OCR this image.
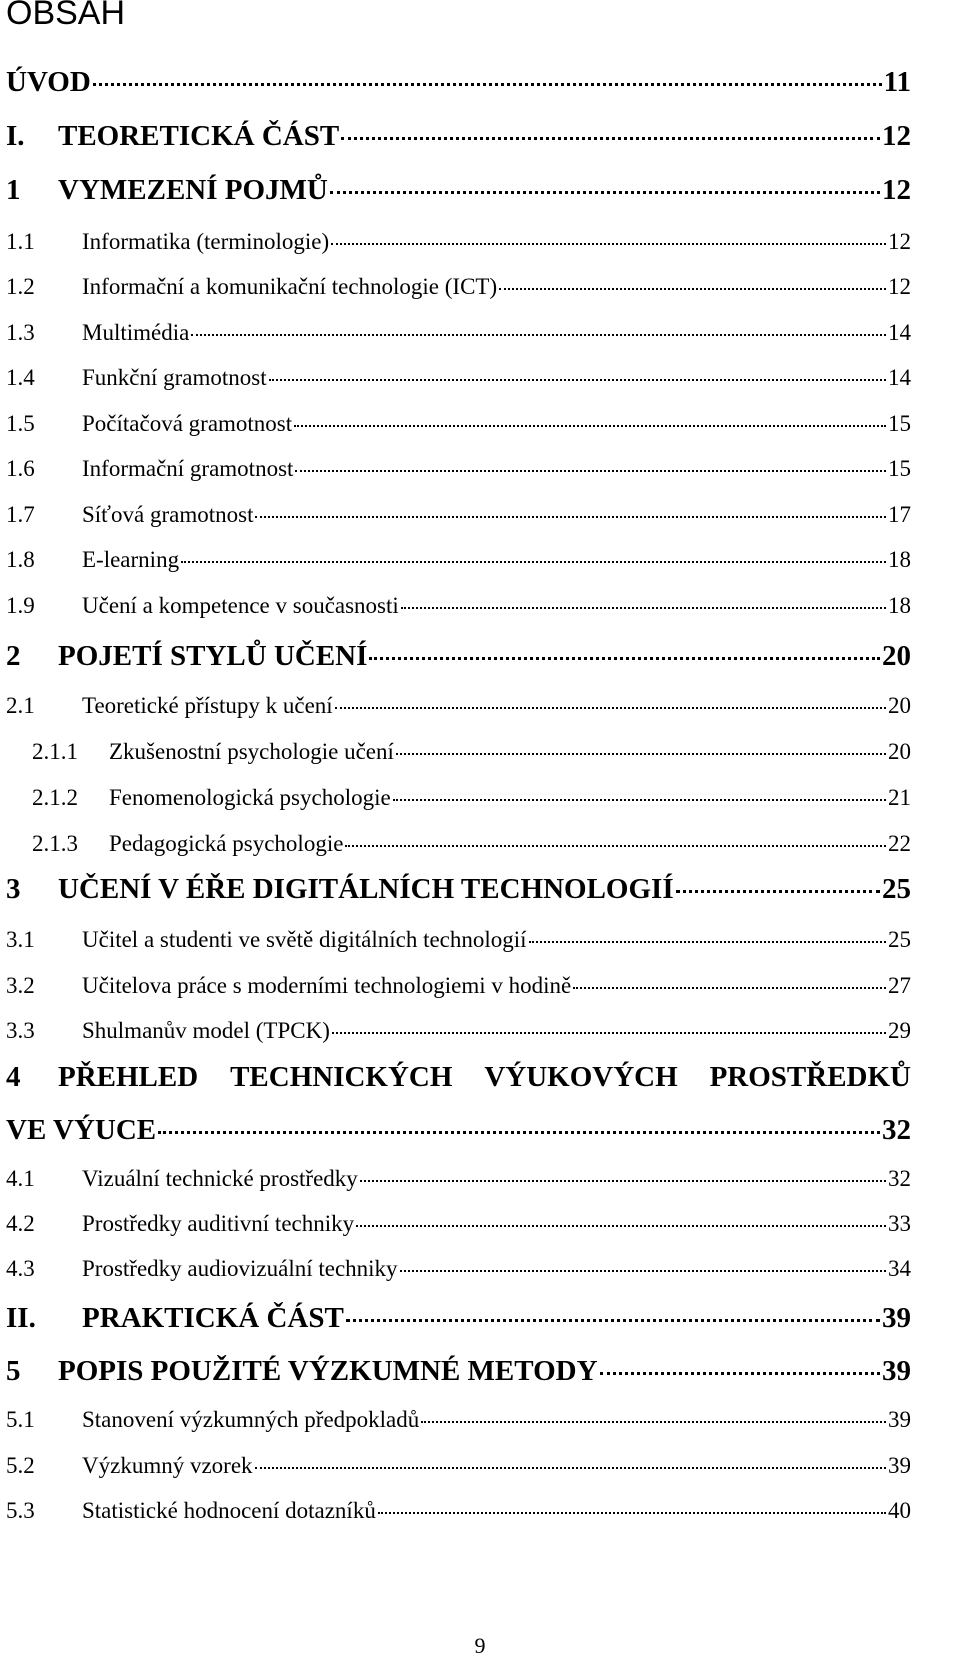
OBSAH
ÚVOD	11
I.	TEORETICKÁ ČÁST	12
1	VYMEZENÍ POJMŮ	12
1.1	Informatika (terminologie)	12
1.2	Informační a komunikační technologie (ICT)	12
1.3	Multimédia	14
1.4	Funkční gramotnost	14
1.5	Počítačová gramotnost	15
1.6	Informační gramotnost	15
1.7	Síťová gramotnost	17
1.8	E-learning	18
1.9	Učení a kompetence v současnosti	18
2	POJETÍ STYLŮ UČENÍ	20
2.1	Teoretické přístupy k učení	20
2.1.1	Zkušenostní psychologie učení	20
2.1.2	Fenomenologická psychologie	21
2.1.3	Pedagogická psychologie	22
3	UČENÍ V ÉŘE DIGITÁLNÍCH TECHNOLOGIÍ	25
3.1	Učitel a studenti ve světě digitálních technologií	25
3.2	Učitelova práce s moderními technologiemi v hodině	27
3.3	Shulmanův model (TPCK)	29
4	PŘEHLED TECHNICKÝCH VÝUKOVÝCH PROSTŘEDKŮ
VE VÝUCE	32
4.1	Vizuální technické prostředky	32
4.2	Prostředky auditivní techniky	33
4.3	Prostředky audiovizuální techniky	34
II.	PRAKTICKÁ ČÁST	39
5	POPIS POUŽITÉ VÝZKUMNÉ METODY	39
5.1	Stanovení výzkumných předpokladů	39
5.2	Výzkumný vzorek	39
5.3	Statistické hodnocení dotazníků	40
9
